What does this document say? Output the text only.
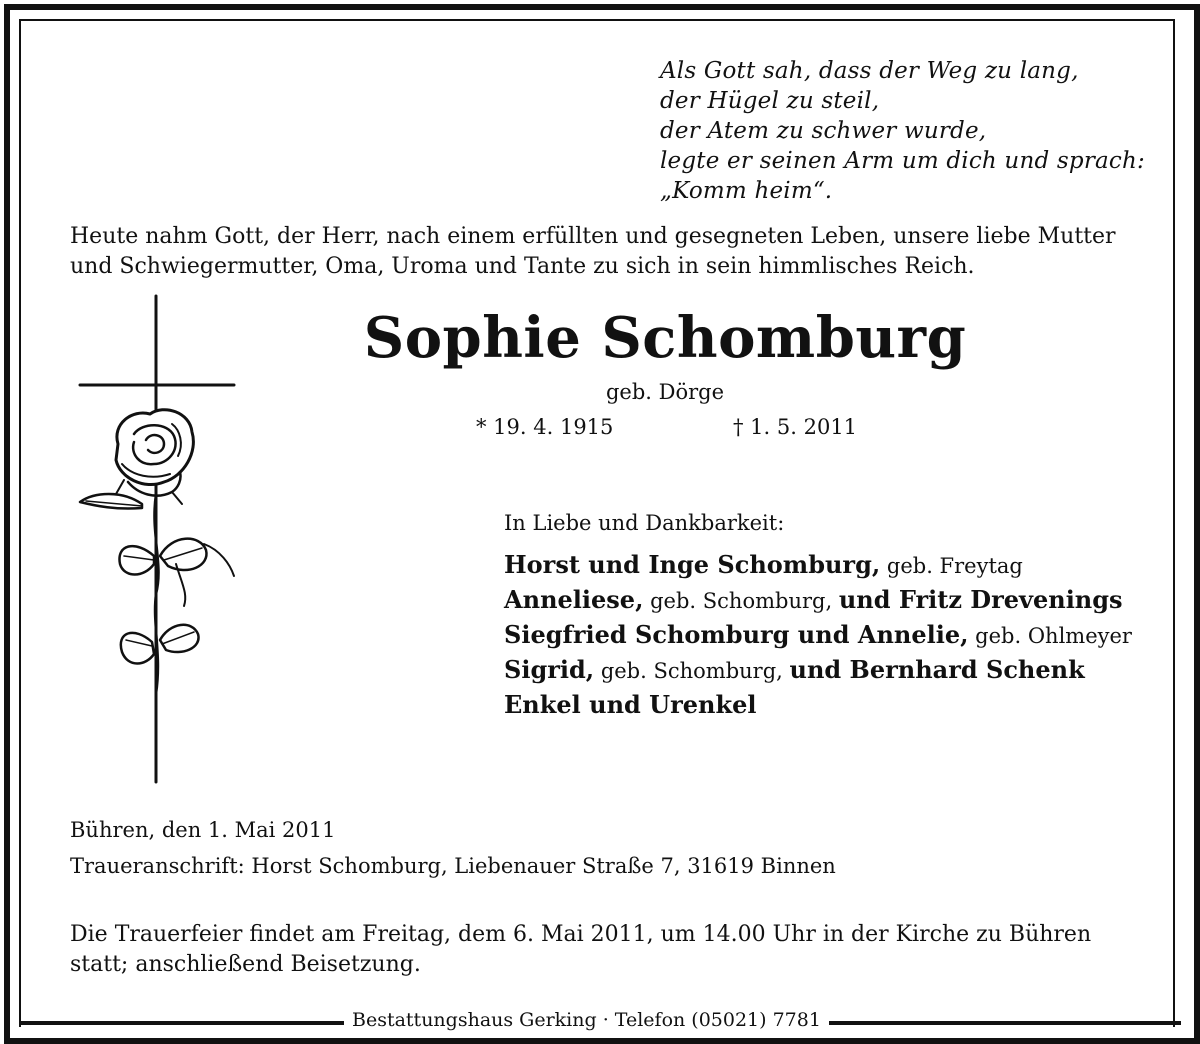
Als Gott sah, dass der Weg zu lang,
der Hügel zu steil,
der Atem zu schwer wurde,
legte er seinen Arm um dich und sprach:
„Komm heim“.
Heute nahm Gott, der Herr, nach einem erfüllten und gesegneten Leben, unsere liebe Mutter
und Schwiegermutter, Oma, Uroma und Tante zu sich in sein himmlisches Reich.
Sophie Schomburg
geb. Dörge
* 19. 4. 1915	† 1. 5. 2011
In Liebe und Dankbarkeit:
Horst und Inge Schomburg, geb. Freytag
Anneliese, geb. Schomburg, und Fritz Drevenings
Siegfried Schomburg und Annelie, geb. Ohlmeyer
Sigrid, geb. Schomburg, und Bernhard Schenk
Enkel und Urenkel
Bühren, den 1. Mai 2011
Traueranschrift: Horst Schomburg, Liebenauer Straße 7, 31619 Binnen
Die Trauerfeier findet am Freitag, dem 6. Mai 2011, um 14.00 Uhr in der Kirche zu Bühren
statt; anschließend Beisetzung.
Bestattungshaus Gerking · Telefon (05021) 7781
